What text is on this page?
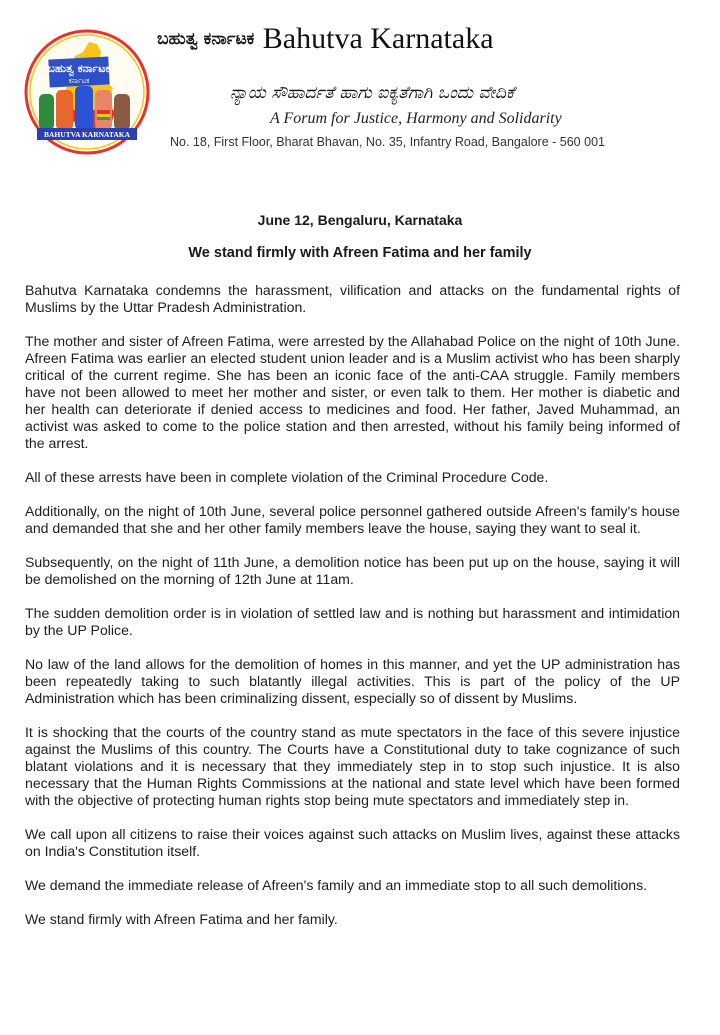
ಬಹುತ್ವ ಕರ್ನಾಟಕ
ಕರ್ನಾಟಕ
BAHUTVA KARNATAKA
ಬಹುತ್ವ ಕರ್ನಾಟಕ Bahutva Karnataka
ನ್ಯಾಯ ಸೌಹಾರ್ದತೆ ಹಾಗು ಐಕ್ಯತೆಗಾಗಿ ಒಂದು ವೇದಿಕೆ
A Forum for Justice, Harmony and Solidarity
No. 18, First Floor, Bharat Bhavan, No. 35, Infantry Road, Bangalore - 560 001
June 12, Bengaluru, Karnataka
We stand firmly with Afreen Fatima and her family

Bahutva Karnataka condemns the harassment, vilification and attacks on the fundamental rights of Muslims by the Uttar Pradesh Administration.

The mother and sister of Afreen Fatima, were arrested by the Allahabad Police on the night of 10th June. Afreen Fatima was earlier an elected student union leader and is a Muslim activist who has been sharply critical of the current regime. She has been an iconic face of the anti-CAA struggle. Family members have not been allowed to meet her mother and sister, or even talk to them. Her mother is diabetic and her health can deteriorate if denied access to medicines and food. Her father, Javed Muhammad, an activist was asked to come to the police station and then arrested, without his family being informed of the arrest.

All of these arrests have been in complete violation of the Criminal Procedure Code.

Additionally, on the night of 10th June, several police personnel gathered outside Afreen's family's house and demanded that she and her other family members leave the house, saying they want to seal it.

Subsequently, on the night of 11th June, a demolition notice has been put up on the house, saying it will be demolished on the morning of 12th June at 11am.

The sudden demolition order is in violation of settled law and is nothing but harassment and intimidation by the UP Police.

No law of the land allows for the demolition of homes in this manner, and yet the UP administration has been repeatedly taking to such blatantly illegal activities. This is part of the policy of the UP Administration which has been criminalizing dissent, especially so of dissent by Muslims.

It is shocking that the courts of the country stand as mute spectators in the face of this severe injustice against the Muslims of this country. The Courts have a Constitutional duty to take cognizance of such blatant violations and it is necessary that they immediately step in to stop such injustice. It is also necessary that the Human Rights Commissions at the national and state level which have been formed with the objective of protecting human rights stop being mute spectators and immediately step in.

We call upon all citizens to raise their voices against such attacks on Muslim lives, against these attacks on India's Constitution itself.

We demand the immediate release of Afreen's family and an immediate stop to all such demolitions.

We stand firmly with Afreen Fatima and her family.
